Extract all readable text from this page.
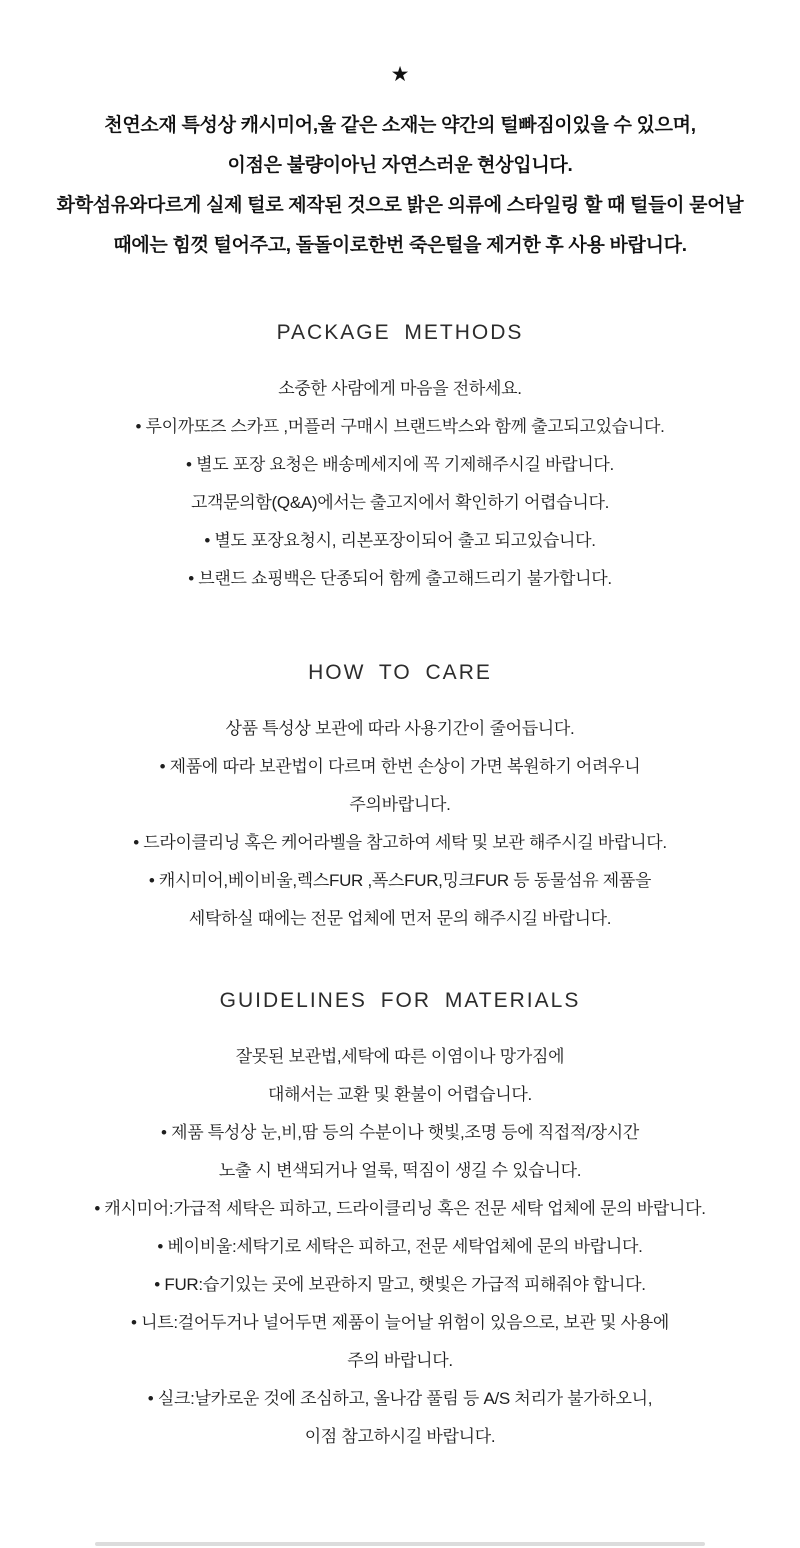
★
천연소재 특성상 캐시미어,울 같은 소재는 약간의 털빠짐이있을 수 있으며,
이점은 불량이아닌 자연스러운 현상입니다.
화학섬유와다르게 실제 털로 제작된 것으로 밝은 의류에 스타일링 할 때 털들이 묻어날
때에는 힘껏 털어주고, 돌돌이로한번 죽은털을 제거한 후 사용 바랍니다.
PACKAGE METHODS
소중한 사람에게 마음을 전하세요.
• 루이까또즈 스카프 ,머플러 구매시 브랜드박스와 함께 출고되고있습니다.
• 별도 포장 요청은 배송메세지에 꼭 기제해주시길 바랍니다.
고객문의함(Q&A)에서는 출고지에서 확인하기 어렵습니다.
• 별도 포장요청시, 리본포장이되어 출고 되고있습니다.
• 브랜드 쇼핑백은 단종되어 함께 출고해드리기 불가합니다.
HOW TO CARE
상품 특성상 보관에 따라 사용기간이 줄어듭니다.
• 제품에 따라 보관법이 다르며 한번 손상이 가면 복원하기 어려우니
주의바랍니다.
• 드라이클리닝 혹은 케어라벨을 참고하여 세탁 및 보관 해주시길 바랍니다.
• 캐시미어,베이비울,렉스FUR ,폭스FUR,밍크FUR 등 동물섬유 제품을
세탁하실 때에는 전문 업체에 먼저 문의 해주시길 바랍니다.
GUIDELINES FOR MATERIALS
잘못된 보관법,세탁에 따른 이염이나 망가짐에
대해서는 교환 및 환불이 어렵습니다.
• 제품 특성상 눈,비,땀 등의 수분이나 햇빛,조명 등에 직접적/장시간
노출 시 변색되거나 얼룩, 떡짐이 생길 수 있습니다.
• 캐시미어:가급적 세탁은 피하고, 드라이클리닝 혹은 전문 세탁 업체에 문의 바랍니다.
• 베이비울:세탁기로 세탁은 피하고, 전문 세탁업체에 문의 바랍니다.
• FUR:습기있는 곳에 보관하지 말고, 햇빛은 가급적 피해줘야 합니다.
• 니트:걸어두거나 널어두면 제품이 늘어날 위험이 있음으로, 보관 및 사용에
주의 바랍니다.
• 실크:날카로운 것에 조심하고, 올나감 풀림 등 A/S 처리가 불가하오니,
이점 참고하시길 바랍니다.
